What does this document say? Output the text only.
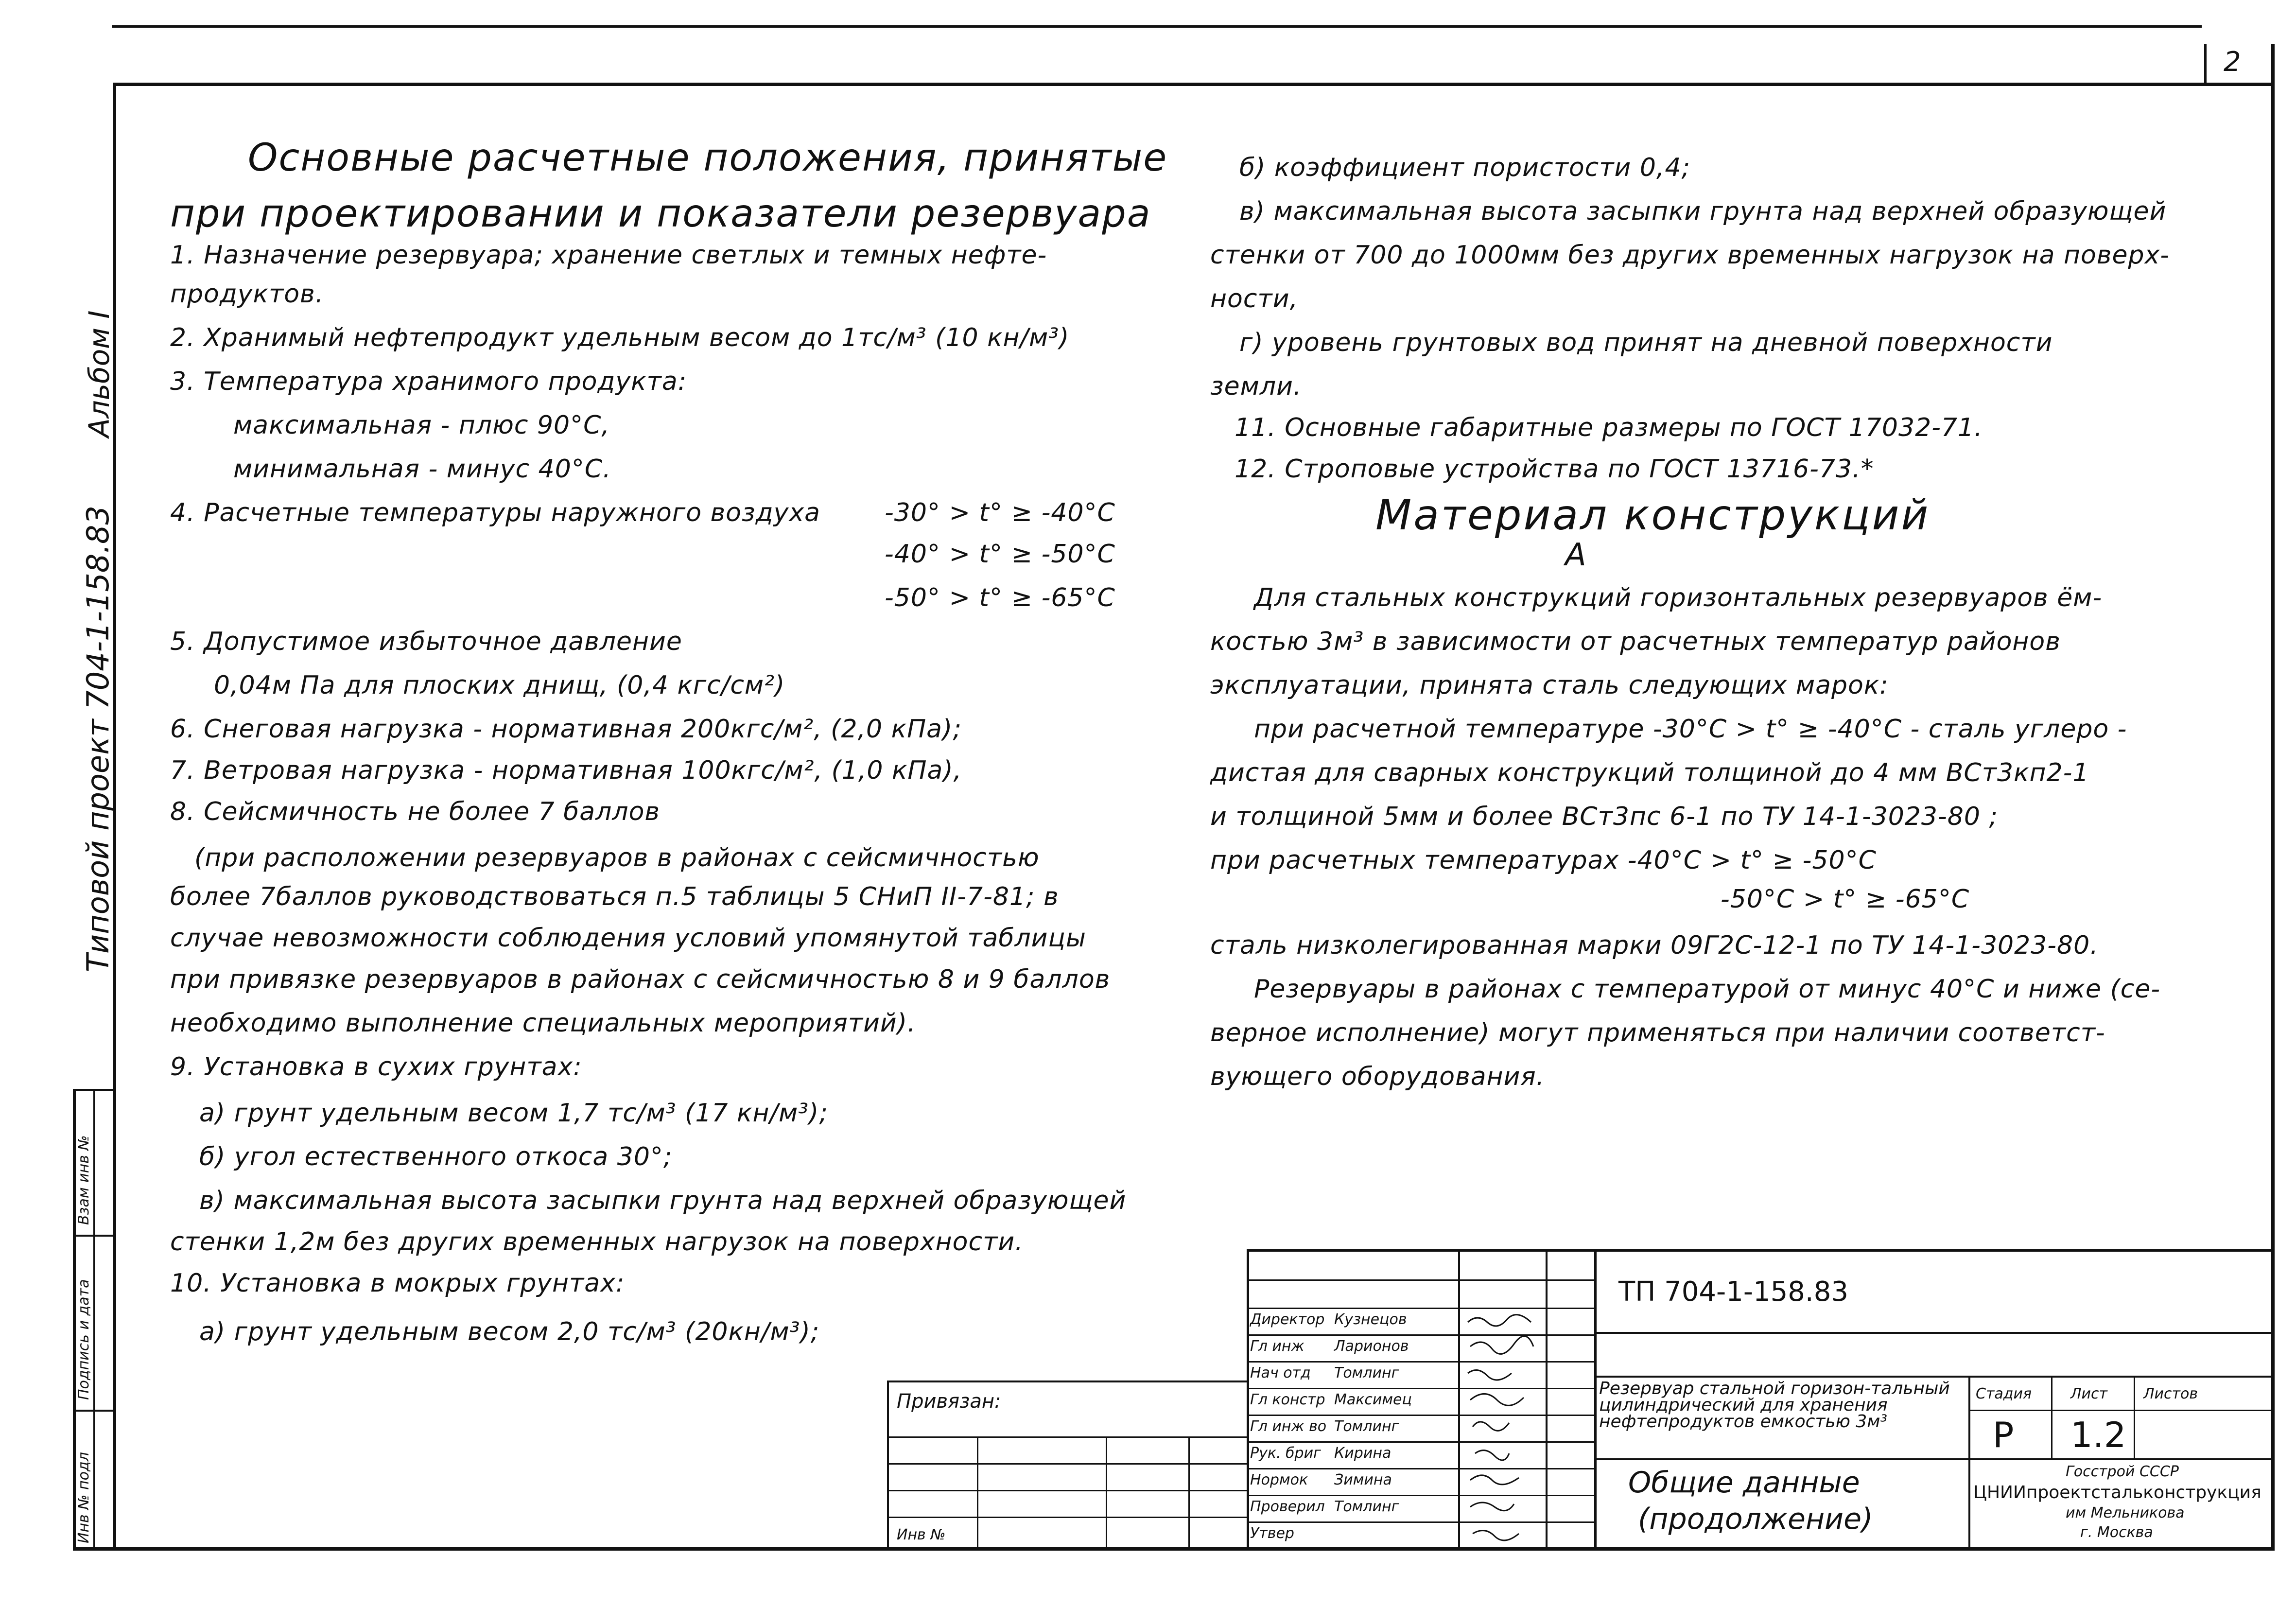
2
Альбом I
Типовой проект 704-1-158.83
Взам инв №
Подпись и дата
Инв № подл
Основные расчетные положения, принятые
при проектировании и показатели резервуара
1. Назначение резервуара; хранение светлых и темных нефте-
продуктов.
2. Хранимый нефтепродукт удельным весом до 1тс/м³ (10 кн/м³)
3. Температура хранимого продукта:
максимальная - плюс 90°С,
минимальная - минус 40°С.
4. Расчетные температуры наружного воздуха	-30° > t° ≥ -40°С
-40° > t° ≥ -50°С
-50° > t° ≥ -65°С
5. Допустимое избыточное давление
0,04м Па для плоских днищ, (0,4 кгс/см²)
6. Снеговая нагрузка - нормативная 200кгс/м², (2,0 кПа);
7. Ветровая нагрузка - нормативная 100кгс/м², (1,0 кПа),
8. Сейсмичность не более 7 баллов
(при расположении резервуаров в районах с сейсмичностью
более 7баллов руководствоваться п.5 таблицы 5 СНиП II-7-81; в
случае невозможности соблюдения условий упомянутой таблицы
при привязке резервуаров в районах с сейсмичностью 8 и 9 баллов
необходимо выполнение специальных мероприятий).
9. Установка в сухих грунтах:
а) грунт удельным весом 1,7 тс/м³ (17 кн/м³);
б) угол естественного откоса 30°;
в) максимальная высота засыпки грунта над верхней образующей
стенки 1,2м без других временных нагрузок на поверхности.
10. Установка в мокрых грунтах:
а) грунт удельным весом 2,0 тс/м³ (20кн/м³);
б) коэффициент пористости 0,4;
в) максимальная высота засыпки грунта над верхней образующей
стенки от 700 до 1000мм без других временных нагрузок на поверх-
ности,
г) уровень грунтовых вод принят на дневной поверхности
земли.
11. Основные габаритные размеры по ГОСТ 17032-71.
12. Строповые устройства по ГОСТ 13716-73.*
Материал конструкций
А
Для стальных конструкций горизонтальных резервуаров ём-
костью 3м³ в зависимости от расчетных температур районов
эксплуатации, принята сталь следующих марок:
при расчетной температуре -30°С > t° ≥ -40°С - сталь углеро -
дистая для сварных конструкций толщиной до 4 мм ВСт3кп2-1
и толщиной 5мм и более ВСт3пс 6-1 по ТУ 14-1-3023-80 ;
при расчетных температурах -40°С > t° ≥ -50°С
-50°С > t° ≥ -65°С
сталь низколегированная марки 09Г2С-12-1 по ТУ 14-1-3023-80.
Резервуары в районах с температурой от минус 40°С и ниже (се-
верное исполнение) могут применяться при наличии соответст-
вующего оборудования.
Привязан:
Инв №
Директор
Гл инж
Нач отд
Гл констр
Гл инж во
Рук. бриг
Нормок
Проверил
Утвер
Кузнецов
Ларионов
Томлинг
Максимец
Томлинг
Кирина
Зимина
Томлинг
ТП 704-1-158.83
Резервуар стальной горизон-тальный цилиндрический для хранения нефтепродуктов емкостью 3м³
Общие данные
(продолжение)
Стадия	Лист Листов
Р 1.2
Госстрой СССР
ЦНИИпроектстальконструкция
им Мельникова
г. Москва
